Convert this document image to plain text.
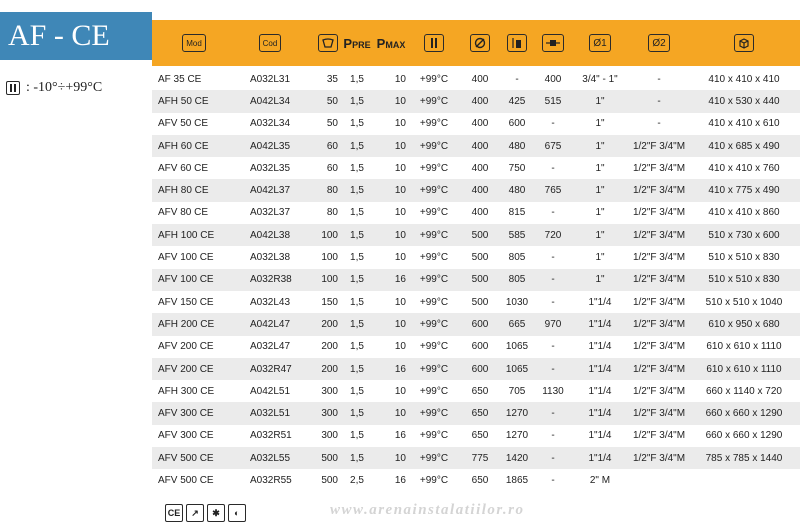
AF - CE
: -10°÷+99°C
Mod	Cod	PPRE PMAX	Ø1	Ø2
AF 35 CE	A032L31	35	1,5	10	+99°C	400	-	400	3/4" - 1"	-	410 x 410 x 410
AFH 50 CE	A042L34	50	1,5	10	+99°C	400	425	515	1"	-	410 x 530 x 440
AFV 50 CE	A032L34	50	1,5	10	+99°C	400	600	-	1"	-	410 x 410 x 610
AFH 60 CE	A042L35	60	1,5	10	+99°C	400	480	675	1"	1/2"F 3/4"M	410 x 685 x 490
AFV 60 CE	A032L35	60	1,5	10	+99°C	400	750	-	1"	1/2"F 3/4"M	410 x 410 x 760
AFH 80 CE	A042L37	80	1,5	10	+99°C	400	480	765	1"	1/2"F 3/4"M	410 x 775 x 490
AFV 80 CE	A032L37	80	1,5	10	+99°C	400	815	-	1"	1/2"F 3/4"M	410 x 410 x 860
AFH 100 CE	A042L38	100	1,5	10	+99°C	500	585	720	1"	1/2"F 3/4"M	510 x 730 x 600
AFV 100 CE	A032L38	100	1,5	10	+99°C	500	805	-	1"	1/2"F 3/4"M	510 x 510 x 830
AFV 100 CE	A032R38	100	1,5	16	+99°C	500	805	-	1"	1/2"F 3/4"M	510 x 510 x 830
AFV 150 CE	A032L43	150	1,5	10	+99°C	500	1030	-	1"1/4	1/2"F 3/4"M	510 x 510 x 1040
AFH 200 CE	A042L47	200	1,5	10	+99°C	600	665	970	1"1/4	1/2"F 3/4"M	610 x 950 x 680
AFV 200 CE	A032L47	200	1,5	10	+99°C	600	1065	-	1"1/4	1/2"F 3/4"M	610 x 610 x 1110
AFV 200 CE	A032R47	200	1,5	16	+99°C	600	1065	-	1"1/4	1/2"F 3/4"M	610 x 610 x 1110
AFH 300 CE	A042L51	300	1,5	10	+99°C	650	705	1130	1"1/4	1/2"F 3/4"M	660 x 1140 x 720
AFV 300 CE	A032L51	300	1,5	10	+99°C	650	1270	-	1"1/4	1/2"F 3/4"M	660 x 660 x 1290
AFV 300 CE	A032R51	300	1,5	16	+99°C	650	1270	-	1"1/4	1/2"F 3/4"M	660 x 660 x 1290
AFV 500 CE	A032L55	500	1,5	10	+99°C	775	1420	-	1"1/4	1/2"F 3/4"M	785 x 785 x 1440
AFV 500 CE	A032R55	500	2,5	16	+99°C	650	1865	-	2" M
CE	↗	✱	◐	www.arenainstalatiilor.ro
